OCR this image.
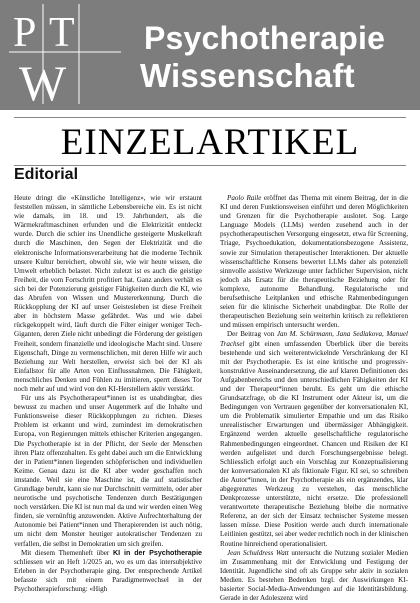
P T
W
Psychotherapie
Wissenschaft
EINZELARTIKEL
Editorial

Heute dringt die «Künstliche Intelligenz», wie wir erstaunt feststellen müssen, in sämtliche Lebensbereiche ein. Es ist nicht wie damals, im 18. und 19. Jahrhundert, als die Wärmekraftmaschinen erfunden und die Elektrizität entdeckt wurde. Durch die schier ins Unendliche gesteigerte Muskelkraft durch die Maschinen, den Segen der Elektrizität und die elektronische Informationsverarbeitung hat die moderne Technik unsere Kultur bereichert, obwohl sie, wie wir heute wissen, die Umwelt erheblich belastet. Nicht zuletzt ist es auch die geistige Freiheit, die vom Fortschritt profitiert hat. Ganz anders verhält es sich bei der Potenzierung geistiger Fähigkeiten durch die KI, wie das Abrufen von Wissen und Mustererkennung. Durch die Rückkopplung der KI auf unser Geistesleben ist diese Freiheit aber in höchstem Masse gefährdet. Was und wie dabei rückgekoppelt wird, läuft durch die Filter einiger weniger Tech-Giganten, deren Ziele nicht unbedingt die Förderung der geistigen Freiheit, sondern finanzielle und ideologische Macht sind. Unsere Eigenschaft, Dinge zu vermenschlichen, mit deren Hilfe wir auch Beziehung zur Welt herstellen, erweist sich bei der KI als Einfallstor für alle Arten von Einflussnahmen. Die Fähigkeit, menschliches Denken und Fühlen zu imitieren, sperrt dieses Tor noch mehr auf und wird von den KI-Herstellern aktiv verstärkt.

Für uns als Psychotherapeut*innen ist es unabdingbar, dies bewusst zu machen und unser Augenmerk auf die Inhalte und Funktionsweise dieser Rückkopplungen zu richten. Dieses Problem ist erkannt und wird, zumindest im demokratischen Europa, von Regierungen mittels ethischer Kriterien angegangen. Die Psychotherapie ist in der Pflicht, der Seele der Menschen ihren Platz offenzuhalten. Es geht dabei auch um die Entwicklung der in Patient*innen liegenden schöpferischen und individuellen Keime. Genau dazu ist die KI aber weder geschaffen noch imstande. Weil sie eine Maschine ist, die auf statistischer Grundlage beruht, kann sie nur Durchschnitt vermitteln, oder aber neurotische und psychotische Tendenzen durch Bestätigungen noch verstärken. Die KI ist nun mal da und wir werden einen Weg finden, sie vernünftig anzuwenden. Aktive Aufrechterhaltung der Autonomie bei Patient*innen und Therapierenden ist auch nötig, um nicht dem Monster heutiger autokratischer Tendenzen zu verfallen, die selbst in Demokratien um sich greifen.

Mit diesem Themenheft über KI in der Psychotherapie schliessen wir an Heft 1/2025 an, wo es um das intersubjektive Erleben in der Psychotherapie ging. Der entsprechende Artikel befasste sich mit einem Paradigmenwechsel in der Psychotherapieforschung: «High

Paolo Raile eröffnet das Thema mit einem Beitrag, der in die KI und deren Funktionsweisen einführt und deren Möglichkeiten und Grenzen für die Psychotherapie auslotet. Sog. Large Language Models (LLMs) werden zusehend auch in der psychotherapeutischen Versorgung eingesetzt, etwa für Screening, Triage, Psychoedukation, dokumentationsbezogene Assistenz, sowie zur Simulation therapeutischer Interaktionen. Der aktuelle wissenschaftliche Konsens bewertet LLMs daher als potenziell sinnvolle assistive Werkzeuge unter fachlicher Supervision, nicht jedoch als Ersatz für die therapeutische Beziehung oder für komplexe, autonome Behandlung. Regulatorische und berufsethische Leitplanken und ethische Rahmenbedingungen seien für die klinische Sicherheit unabdingbar. Die Rolle der therapeutischen Beziehung sein weiterhin kritisch zu reflektieren und müssen empirisch untersucht werden.

Der Beitrag von Jan M. Schürmann, Jana Sedlakova, Manuel Trachsel gibt einen umfassenden Überblick über die bereits bestehende und sich weiterentwickelnde Verschränkung der KI mit der Psychotherapie. Es ist eine kritische und progressiv-konstruktive Auseinandersetzung, die auf klaren Definitionen des Aufgabenbereichs und den unterschiedlichen Fähigkeiten der KI und der Therapeut*innen beruht. Es geht um die ethische Grundsatzfrage, ob die KI Instrument oder Akteur ist, um die Bedingungen von Vertrauen gegenüber der konversationalen KI, um die Problematik simulierter Empathie und um das Risiko unrealistischer Erwartungen und übermässiger Abhängigkeit. Ergänzend werden aktuelle gesellschaftliche regulatorische Rahmenbedingungen eingeordnet. Chancen und Risiken der KI werden aufgelistet und durch Forschungsergebnisse belegt. Schliesslich erfolgt auch ein Vorschlag zur Konzeptualisierung der konversationalen KI als fiktionale Figur. KI sei, so schreiben die Autor*innen, in der Psychotherapie als ein ergänzendes, klar abgegrenztes Werkzeug zu verstehen, das menschliche Denkprozesse unterstützte, nicht ersetze. Die professionell verantwortete therapeutische Beziehung bleibe die normative Referenz, an der sich der Einsatz technischer Systeme messen lassen müsse. Diese Position werde auch durch internationale Leitlinien gestützt, sei aber weder rechtlich noch in der klinischen Routine hinreichend operationalisiert.

Jean Schuldress Watt untersucht die Nutzung sozialer Medien im Zusammenhang mit der Entwicklung und Festigung der Identität. Jugendliche sind oft als Gruppe sehr aktiv in sozialen Medien. Es bestehen Bedenken bzgl. der Auswirkungen KI-basierter Social-Media-Anwendungen auf die Identitätsbildung. Gerade in der Adoleszenz wird
